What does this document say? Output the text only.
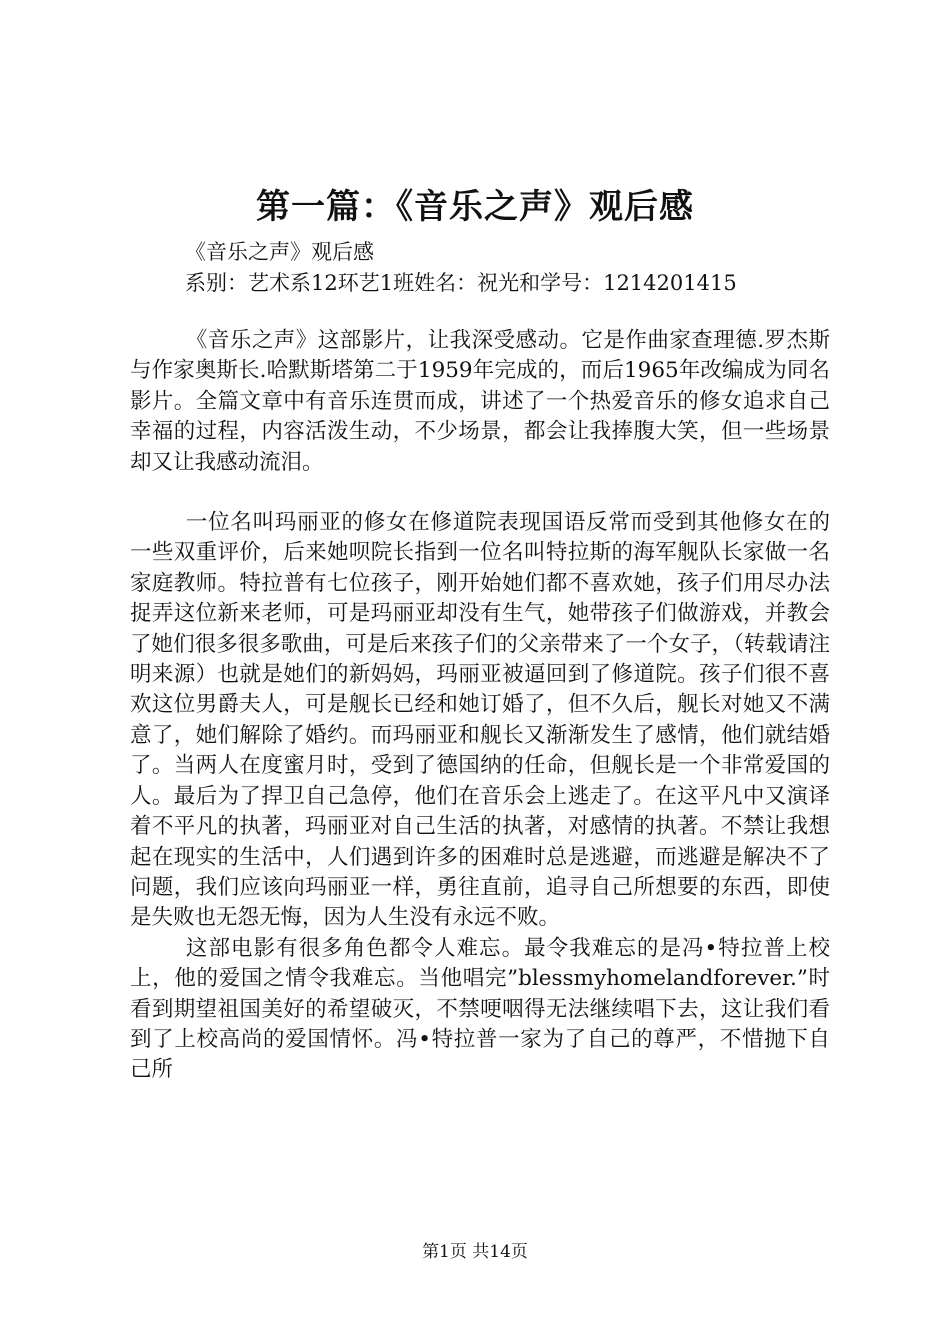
第一篇：《音乐之声》观后感
《音乐之声》观后感
系别：艺术系12环艺1班姓名：祝光和学号：1214201415

《音乐之声》这部影片，让我深受感动。它是作曲家查理德.罗杰斯与作家奥斯长.哈默斯塔第二于1959年完成的，而后1965年改编成为同名影片。全篇文章中有音乐连贯而成，讲述了一个热爱音乐的修女追求自己幸福的过程，内容活泼生动，不少场景，都会让我捧腹大笑，但一些场景却又让我感动流泪。

一位名叫玛丽亚的修女在修道院表现国语反常而受到其他修女在的一些双重评价，后来她呗院长指到一位名叫特拉斯的海军舰队长家做一名家庭教师。特拉普有七位孩子，刚开始她们都不喜欢她，孩子们用尽办法捉弄这位新来老师，可是玛丽亚却没有生气，她带孩子们做游戏，并教会了她们很多很多歌曲，可是后来孩子们的父亲带来了一个女子，（转载请注明来源）也就是她们的新妈妈，玛丽亚被逼回到了修道院。孩子们很不喜欢这位男爵夫人，可是舰长已经和她订婚了，但不久后，舰长对她又不满意了，她们解除了婚约。而玛丽亚和舰长又渐渐发生了感情，他们就结婚了。当两人在度蜜月时，受到了德国纳的任命，但舰长是一个非常爱国的人。最后为了捍卫自己急停，他们在音乐会上逃走了。在这平凡中又演译着不平凡的执著，玛丽亚对自己生活的执著，对感情的执著。不禁让我想起在现实的生活中，人们遇到许多的困难时总是逃避，而逃避是解决不了问题，我们应该向玛丽亚一样，勇往直前，追寻自己所想要的东西，即使是失败也无怨无悔，因为人生没有永远不败。

这部电影有很多角色都令人难忘。最令我难忘的是冯•特拉普上校上，他的爱国之情令我难忘。当他唱完”blessmyhomelandforever.”时看到期望祖国美好的希望破灭，不禁哽咽得无法继续唱下去，这让我们看到了上校高尚的爱国情怀。冯•特拉普一家为了自己的尊严，不惜抛下自己所

第1页 共14页
